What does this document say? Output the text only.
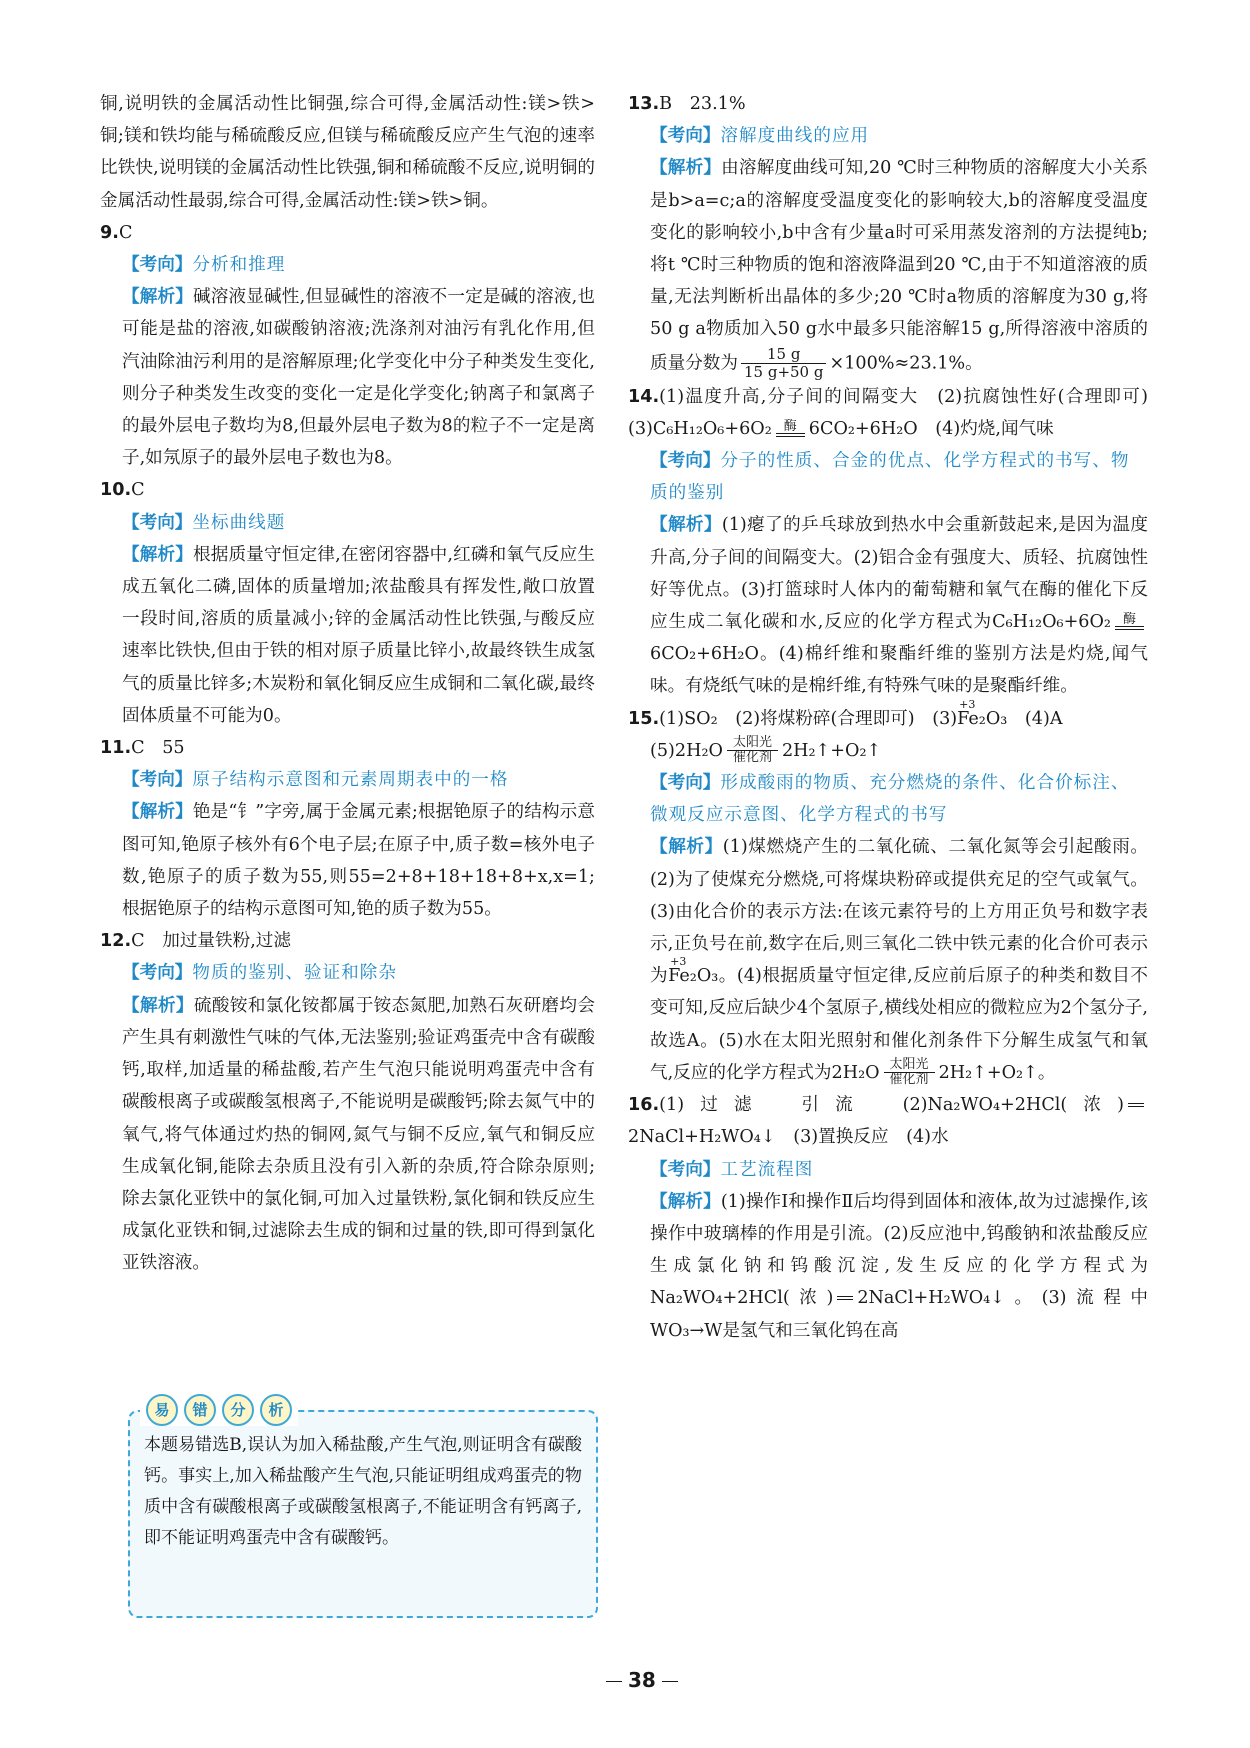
铜,说明铁的金属活动性比铜强,综合可得,金属活动性:镁>铁>铜;镁和铁均能与稀硫酸反应,但镁与稀硫酸反应产生气泡的速率比铁快,说明镁的金属活动性比铁强,铜和稀硫酸不反应,说明铜的金属活动性最弱,综合可得,金属活动性:镁>铁>铜。

9.C

【考向】分析和推理

【解析】碱溶液显碱性,但显碱性的溶液不一定是碱的溶液,也可能是盐的溶液,如碳酸钠溶液;洗涤剂对油污有乳化作用,但汽油除油污利用的是溶解原理;化学变化中分子种类发生变化,则分子种类发生改变的变化一定是化学变化;钠离子和氯离子的最外层电子数均为8,但最外层电子数为8的粒子不一定是离子,如氖原子的最外层电子数也为8。

10.C

【考向】坐标曲线题

【解析】根据质量守恒定律,在密闭容器中,红磷和氧气反应生成五氧化二磷,固体的质量增加;浓盐酸具有挥发性,敞口放置一段时间,溶质的质量减小;锌的金属活动性比铁强,与酸反应速率比铁快,但由于铁的相对原子质量比锌小,故最终铁生成氢气的质量比锌多;木炭粉和氧化铜反应生成铜和二氧化碳,最终固体质量不可能为0。

11.C　55

【考向】原子结构示意图和元素周期表中的一格

【解析】铯是“钅”字旁,属于金属元素;根据铯原子的结构示意图可知,铯原子核外有6个电子层;在原子中,质子数=核外电子数,铯原子的质子数为55,则55=2+8+18+18+8+x,x=1;根据铯原子的结构示意图可知,铯的质子数为55。

12.C　加过量铁粉,过滤

【考向】物质的鉴别、验证和除杂

【解析】硫酸铵和氯化铵都属于铵态氮肥,加熟石灰研磨均会产生具有刺激性气味的气体,无法鉴别;验证鸡蛋壳中含有碳酸钙,取样,加适量的稀盐酸,若产生气泡只能说明鸡蛋壳中含有碳酸根离子或碳酸氢根离子,不能说明是碳酸钙;除去氮气中的氧气,将气体通过灼热的铜网,氮气与铜不反应,氧气和铜反应生成氧化铜,能除去杂质且没有引入新的杂质,符合除杂原则;除去氯化亚铁中的氯化铜,可加入过量铁粉,氯化铜和铁反应生成氯化亚铁和铜,过滤除去生成的铜和过量的铁,即可得到氯化亚铁溶液。

易	错	分	析
本题易错选B,误认为加入稀盐酸,产生气泡,则证明含有碳酸钙。事实上,加入稀盐酸产生气泡,只能证明组成鸡蛋壳的物质中含有碳酸根离子或碳酸氢根离子,不能证明含有钙离子,即不能证明鸡蛋壳中含有碳酸钙。

13.B　23.1%

【考向】溶解度曲线的应用

【解析】由溶解度曲线可知,20 ℃时三种物质的溶解度大小关系是b>a=c;a的溶解度受温度变化的影响较大,b的溶解度受温度变化的影响较小,b中含有少量a时可采用蒸发溶剂的方法提纯b;将t ℃时三种物质的饱和溶液降温到20 ℃,由于不知道溶液的质量,无法判断析出晶体的多少;20 ℃时a物质的溶解度为30 g,将50 g a物质加入50 g水中最多只能溶解15 g,所得溶液中溶质的质量分数为 $\frac{15 g}{15 g+50 g} \times 100\%\approx 23.1\%$。

14.(1)温度升高,分子间的间隔变大　(2)抗腐蚀性好(合理即可)　(3)C₆H₁₂O₆+6O₂ 酶 6CO₂+6H₂O　(4)灼烧,闻气味

【考向】分子的性质、合金的优点、化学方程式的书写、物质的鉴别

【解析】(1)瘪了的乒乓球放到热水中会重新鼓起来,是因为温度升高,分子间的间隔变大。(2)铝合金有强度大、质轻、抗腐蚀性好等优点。(3)打篮球时人体内的葡萄糖和氧气在酶的催化下反应生成二氧化碳和水,反应的化学方程式为C₆H₁₂O₆+6O₂ 酶
6CO₂+6H₂O。(4)棉纤维和聚酯纤维的鉴别方法是灼烧,闻气味。有烧纸气味的是棉纤维,有特殊气味的是聚酯纤维。

15.(1)SO₂　(2)将煤粉碎(合理即可)　(3)
+3
Fe₂O₃　(4)A

(5)2H₂O 太阳光
催化剂 2H₂↑+O₂↑

【考向】形成酸雨的物质、充分燃烧的条件、化合价标注、微观反应示意图、化学方程式的书写

【解析】(1)煤燃烧产生的二氧化硫、二氧化氮等会引起酸雨。(2)为了使煤充分燃烧,可将煤块粉碎或提供充足的空气或氧气。(3)由化合价的表示方法:在该元素符号的上方用正负号和数字表示,正负号在前,数字在后,则三氧化二铁中铁元素的化合价可表示为
+3
Fe₂O₃。(4)根据质量守恒定律,反应前后原子的种类和数目不变可知,反应后缺少4个氢原子,横线处相应的微粒应为2个氢分子,故选A。(5)水在太阳光照射和催化剂条件下分解生成氢气和氧气,反应的化学方程式为2H₂O 太阳光
催化剂 2H₂↑+O₂↑。

16.(1)过滤　引流　(2)Na₂WO₄+2HCl(浓)
2NaCl+H₂WO₄↓　(3)置换反应　(4)水

【考向】工艺流程图

【解析】(1)操作Ⅰ和操作Ⅱ后均得到固体和液体,故为过滤操作,该操作中玻璃棒的作用是引流。(2)反应池中,钨酸钠和浓盐酸反应生成氯化钠和钨酸沉淀,发生反应的化学方程式为Na₂WO₄+2HCl(浓) 2NaCl+H₂WO₄↓。(3)流程中WO₃→W是氢气和三氧化钨在高

38
